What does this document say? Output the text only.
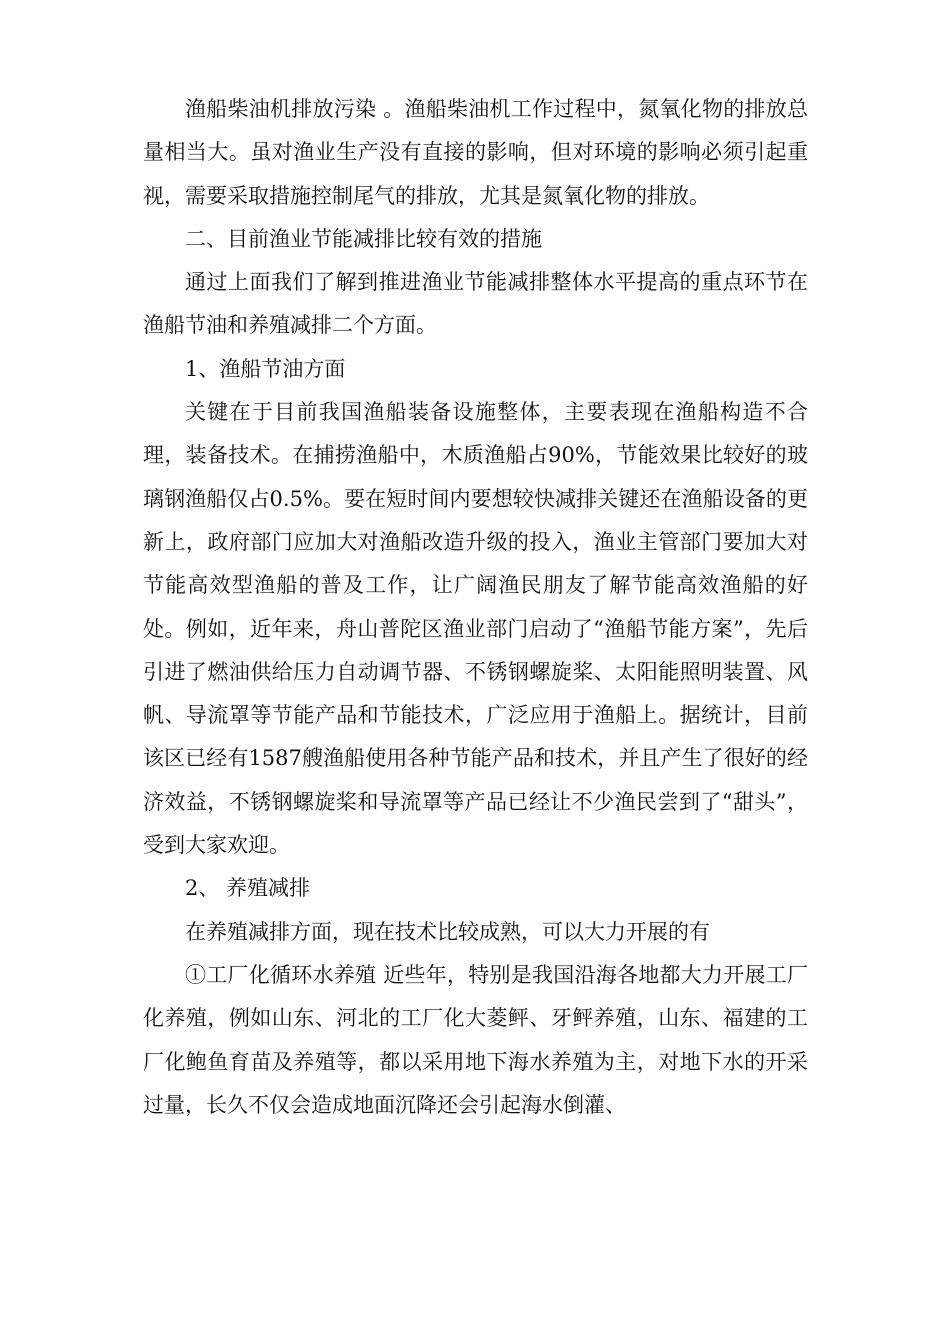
渔船柴油机排放污染 。渔船柴油机工作过程中，氮氧化物的排放总量相当大。虽对渔业生产没有直接的影响，但对环境的影响必须引起重视，需要采取措施控制尾气的排放，尤其是氮氧化物的排放。

二、目前渔业节能减排比较有效的措施

通过上面我们了解到推进渔业节能减排整体水平提高的重点环节在渔船节油和养殖减排二个方面。

1、渔船节油方面

关键在于目前我国渔船装备设施整体，主要表现在渔船构造不合理，装备技术。在捕捞渔船中，木质渔船占90%，节能效果比较好的玻璃钢渔船仅占0.5%。要在短时间内要想较快减排关键还在渔船设备的更新上，政府部门应加大对渔船改造升级的投入，渔业主管部门要加大对节能高效型渔船的普及工作，让广阔渔民朋友了解节能高效渔船的好处。例如，近年来，舟山普陀区渔业部门启动了“渔船节能方案”，先后引进了燃油供给压力自动调节器、不锈钢螺旋桨、太阳能照明装置、风帆、导流罩等节能产品和节能技术，广泛应用于渔船上。据统计，目前该区已经有1587艘渔船使用各种节能产品和技术，并且产生了很好的经济效益，不锈钢螺旋桨和导流罩等产品已经让不少渔民尝到了“甜头”，受到大家欢迎。

2、 养殖减排

在养殖减排方面，现在技术比较成熟，可以大力开展的有

①工厂化循环水养殖 近些年，特别是我国沿海各地都大力开展工厂化养殖，例如山东、河北的工厂化大菱鲆、牙鲆养殖，山东、福建的工厂化鲍鱼育苗及养殖等，都以采用地下海水养殖为主，对地下水的开采过量，长久不仅会造成地面沉降还会引起海水倒灌、
